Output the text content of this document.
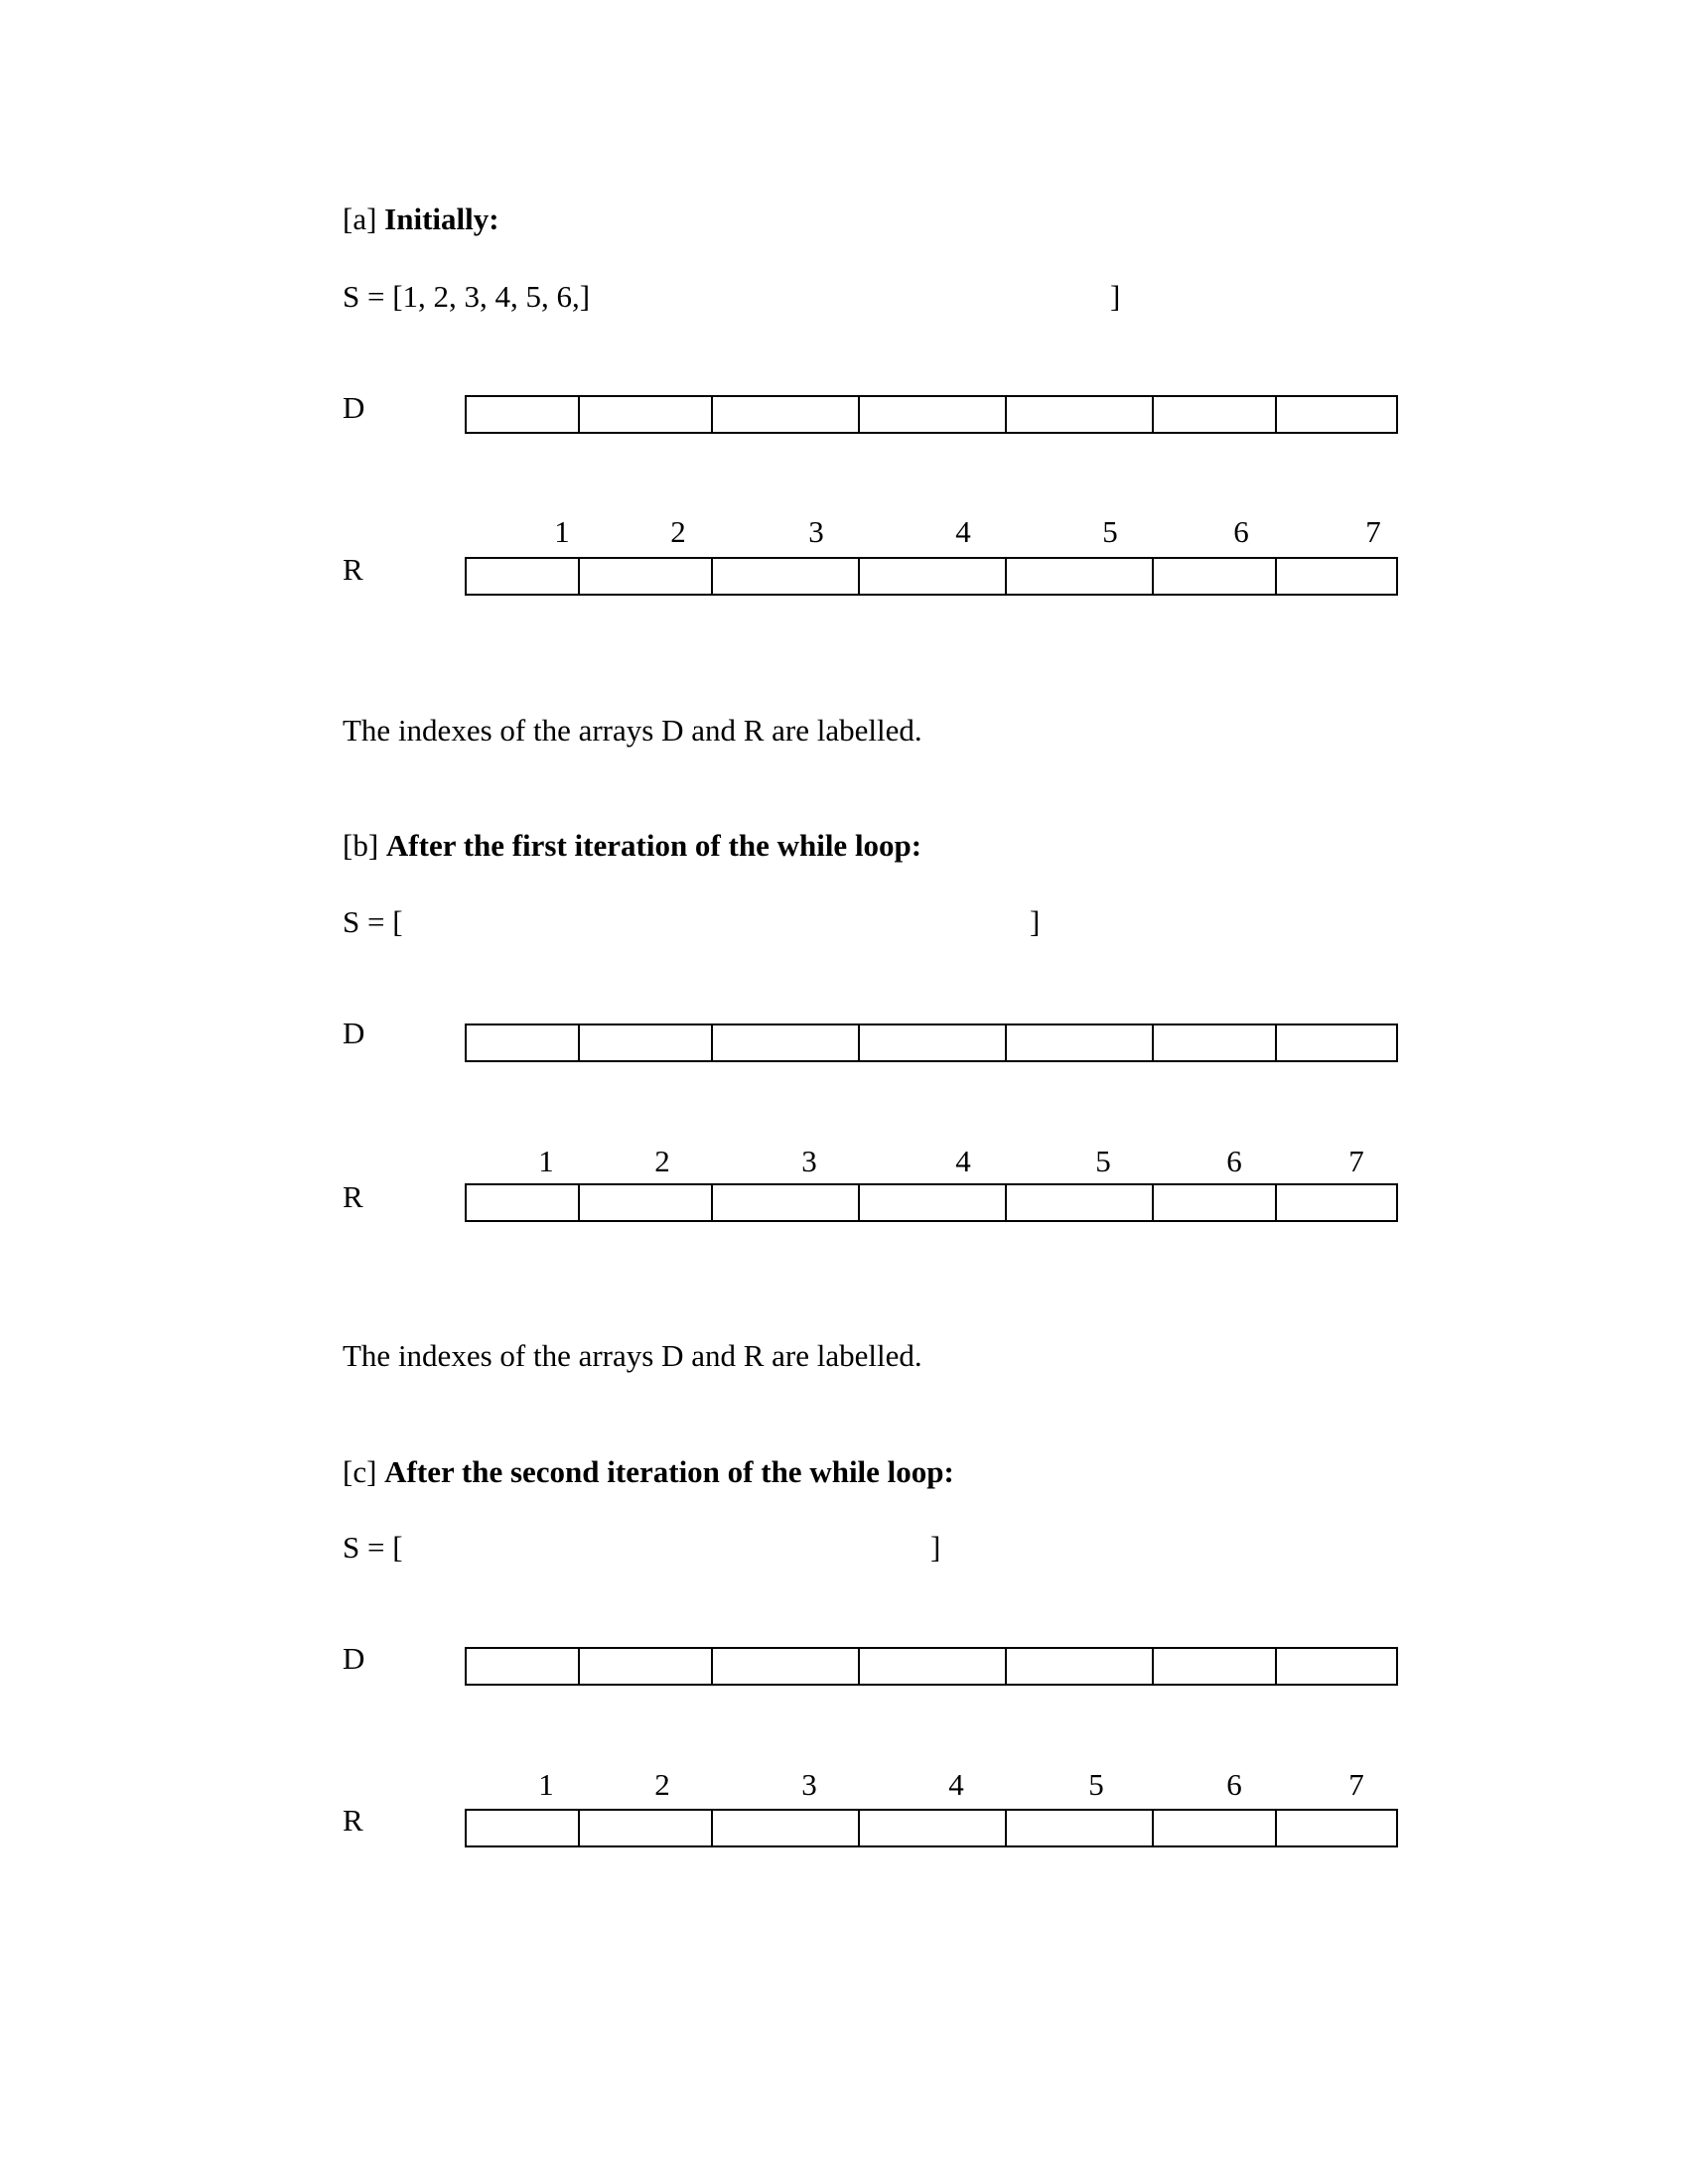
[a] Initially:
S = [1, 2, 3, 4, 5, 6,]	]
D
1	2	3	4	5	6	7
R
The indexes of the arrays D and R are labelled.
[b] After the first iteration of the while loop:
S = [	]
D
1	2	3	4	5	6	7
R
The indexes of the arrays D and R are labelled.
[c] After the second iteration of the while loop:
S = [	]
D
1	2	3	4	5	6	7
R
